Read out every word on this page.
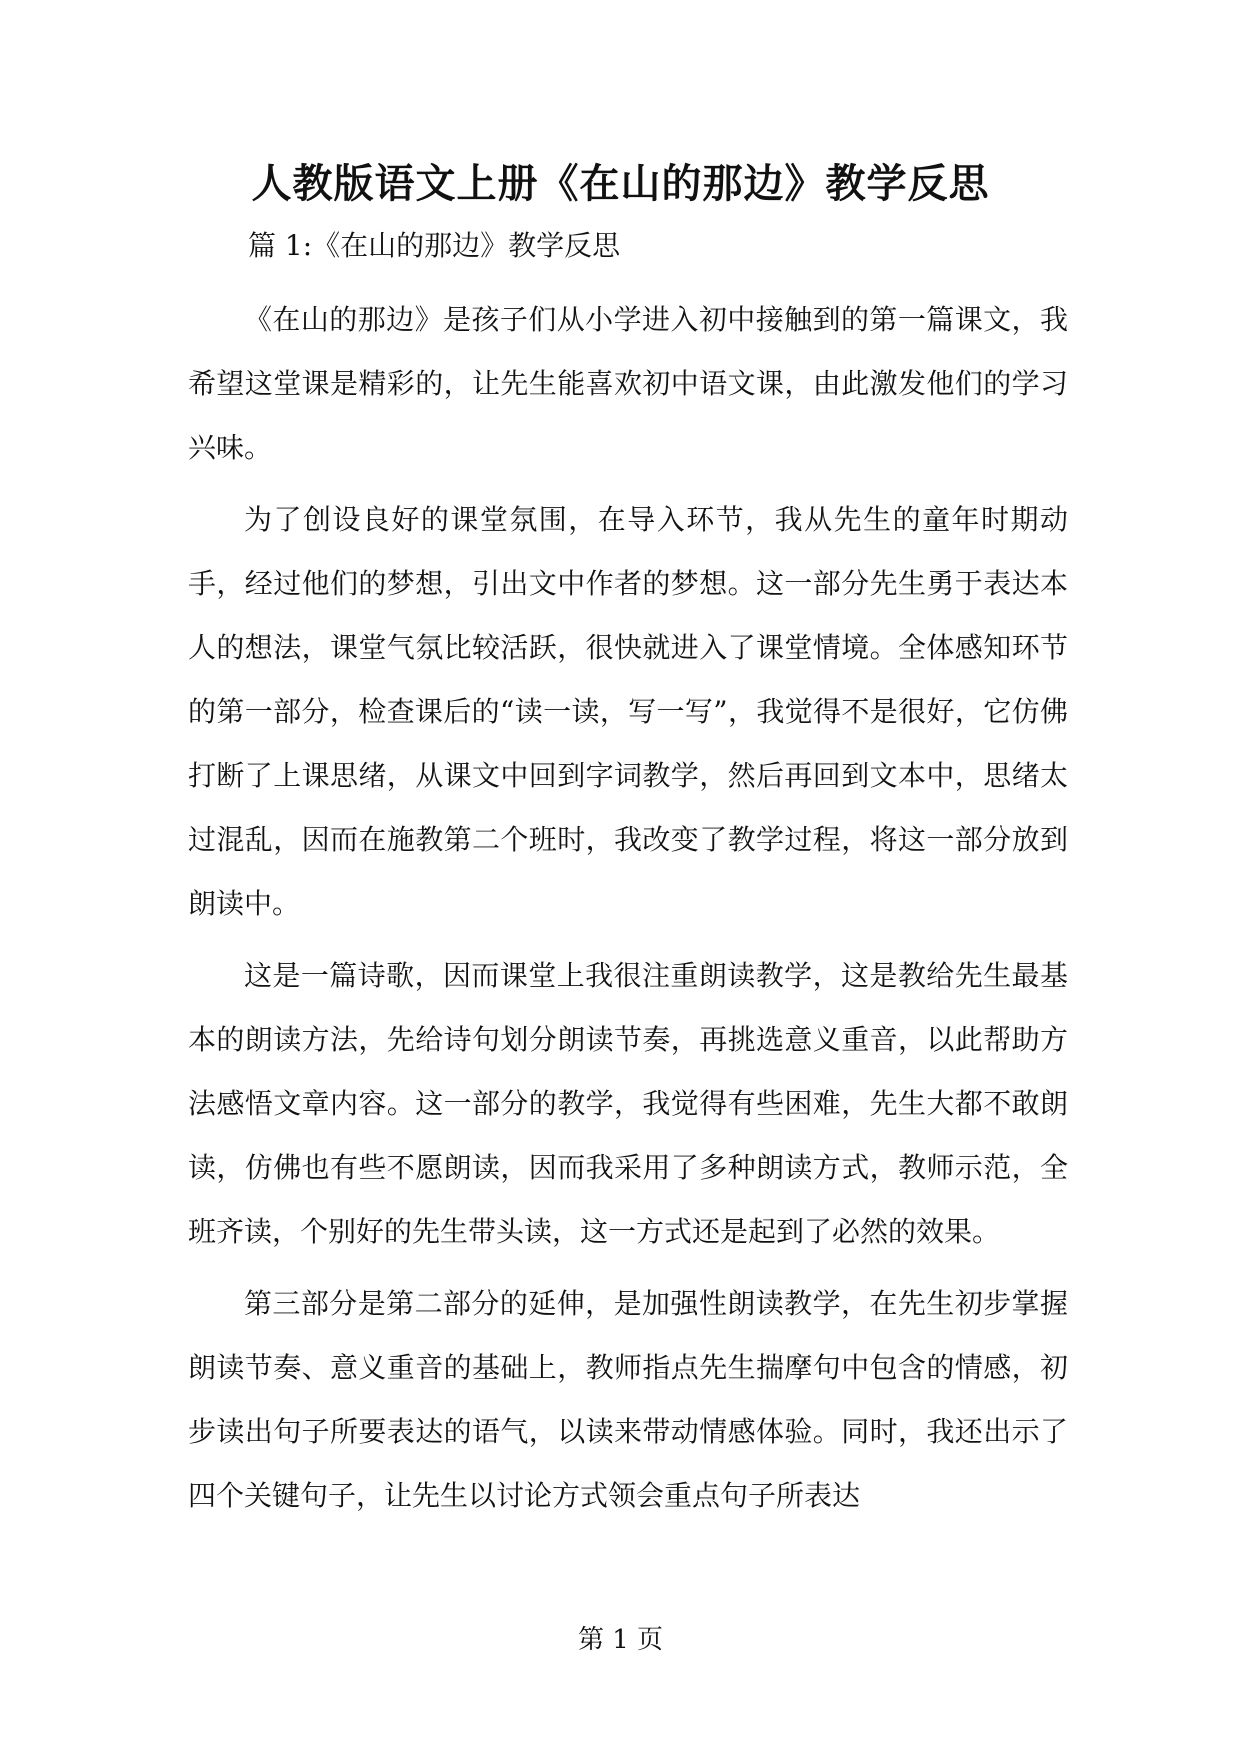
人教版语文上册《在山的那边》教学反思
篇 1:《在山的那边》教学反思

《在山的那边》是孩子们从小学进入初中接触到的第一篇课文，我希望这堂课是精彩的，让先生能喜欢初中语文课，由此激发他们的学习兴味。

为了创设良好的课堂氛围，在导入环节，我从先生的童年时期动手，经过他们的梦想，引出文中作者的梦想。这一部分先生勇于表达本人的想法，课堂气氛比较活跃，很快就进入了课堂情境。全体感知环节的第一部分，检查课后的“读一读，写一写”，我觉得不是很好，它仿佛打断了上课思绪，从课文中回到字词教学，然后再回到文本中，思绪太过混乱，因而在施教第二个班时，我改变了教学过程，将这一部分放到朗读中。

这是一篇诗歌，因而课堂上我很注重朗读教学，这是教给先生最基本的朗读方法，先给诗句划分朗读节奏，再挑选意义重音，以此帮助方法感悟文章内容。这一部分的教学，我觉得有些困难，先生大都不敢朗读，仿佛也有些不愿朗读，因而我采用了多种朗读方式，教师示范，全班齐读，个别好的先生带头读，这一方式还是起到了必然的效果。

第三部分是第二部分的延伸，是加强性朗读教学，在先生初步掌握朗读节奏、意义重音的基础上，教师指点先生揣摩句中包含的情感，初步读出句子所要表达的语气，以读来带动情感体验。同时，我还出示了四个关键句子，让先生以讨论方式领会重点句子所表达

第 1 页
